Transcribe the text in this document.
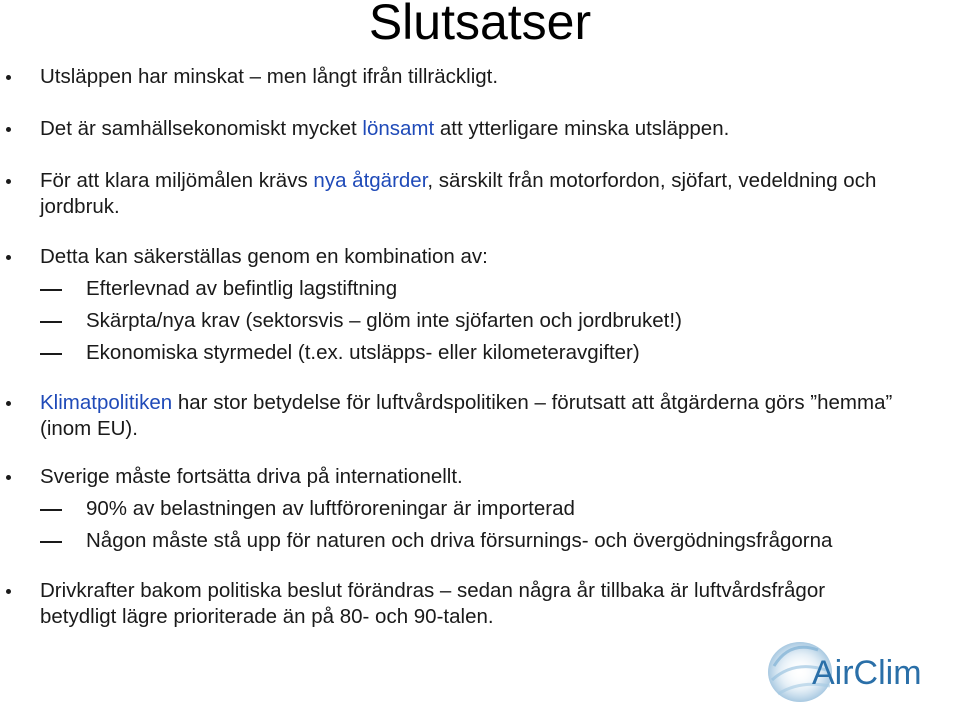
Slutsatser
Utsläppen har minskat – men långt ifrån tillräckligt.
Det är samhällsekonomiskt mycket lönsamt att ytterligare minska utsläppen.
För att klara miljömålen krävs nya åtgärder, särskilt från motorfordon, sjöfart, vedeldning och jordbruk.
Detta kan säkerställas genom en kombination av:
Efterlevnad av befintlig lagstiftning
Skärpta/nya krav (sektorsvis – glöm inte sjöfarten och jordbruket!)
Ekonomiska styrmedel (t.ex. utsläpps- eller kilometeravgifter)
Klimatpolitiken har stor betydelse för luftvårdspolitiken – förutsatt att åtgärderna görs ”hemma” (inom EU).
Sverige måste fortsätta driva på internationellt.
90% av belastningen av luftföroreningar är importerad
Någon måste stå upp för naturen och driva försurnings- och övergödningsfrågorna
Drivkrafter bakom politiska beslut förändras – sedan några år tillbaka är luftvårdsfrågor betydligt lägre prioriterade än på 80- och 90-talen.
AirClim
